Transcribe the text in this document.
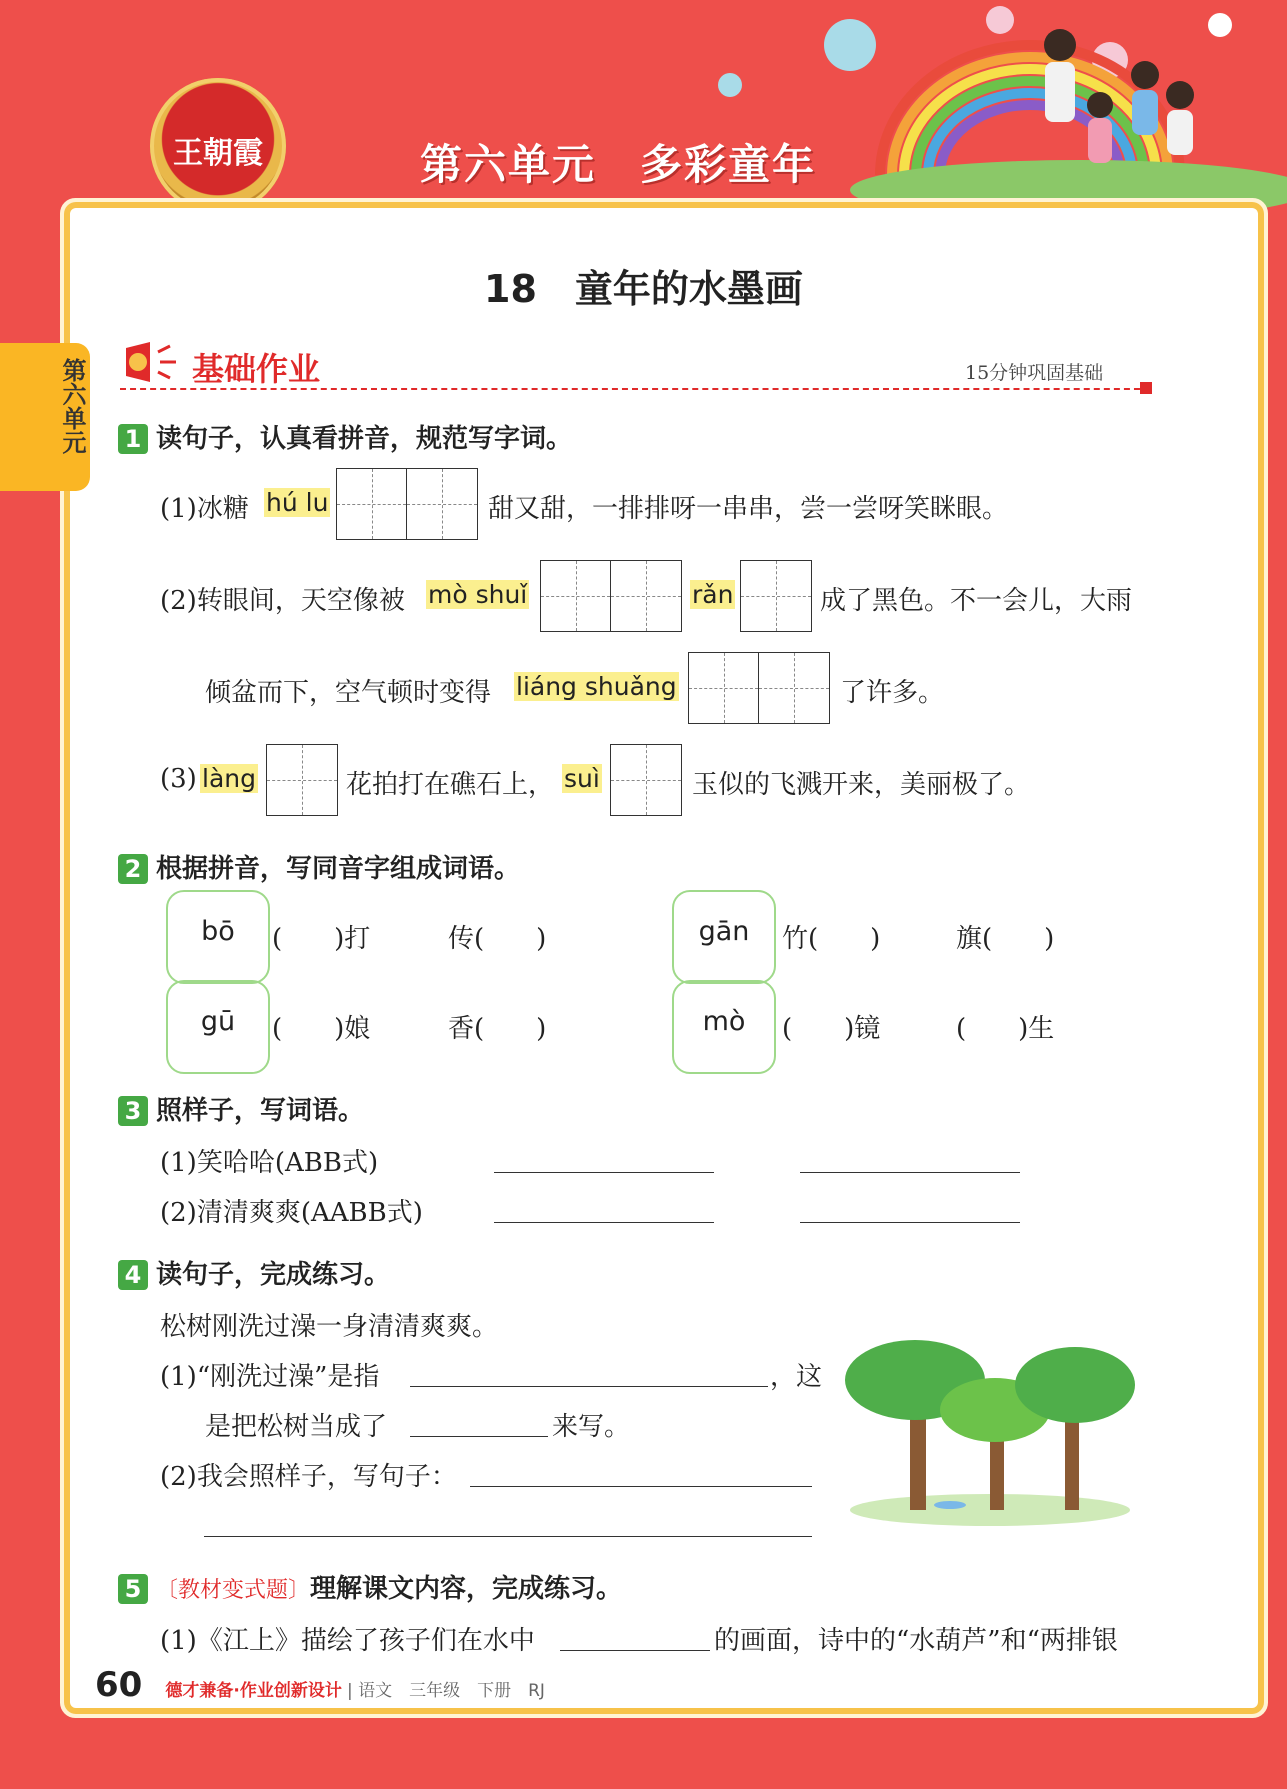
王朝霞	第六单元　多彩童年
第六单元
18　童年的水墨画
基础作业	15分钟巩固基础
1 读句子，认真看拼音，规范写字词。
(1)冰糖 hú lu	甜又甜，一排排呀一串串，尝一尝呀笑眯眼。
(2)转眼间，天空像被 mò shuǐ	rǎn	成了黑色。不一会儿，大雨
倾盆而下，空气顿时变得 liáng shuǎng	了许多。
(3) làng	花拍打在礁石上， suì	玉似的飞溅开来，美丽极了。
2 根据拼音，写同音字组成词语。
bō	(　　)打	传(　　)	gān	竹(　　)	旗(　　)
gū	(　　)娘	香(　　)	mò	(　　)镜	(　　)生
3 照样子，写词语。
(1)笑哈哈(ABB式)
(2)清清爽爽(AABB式)
4 读句子，完成练习。
松树刚洗过澡一身清清爽爽。
(1)“刚洗过澡”是指	，这
是把松树当成了	来写。
(2)我会照样子，写句子：
5 〔教材变式题〕理解课文内容，完成练习。
(1)《江上》描绘了孩子们在水中	的画面，诗中的“水葫芦”和“两排银
60 德才兼备·作业创新设计 | 语文　三年级　下册　RJ
